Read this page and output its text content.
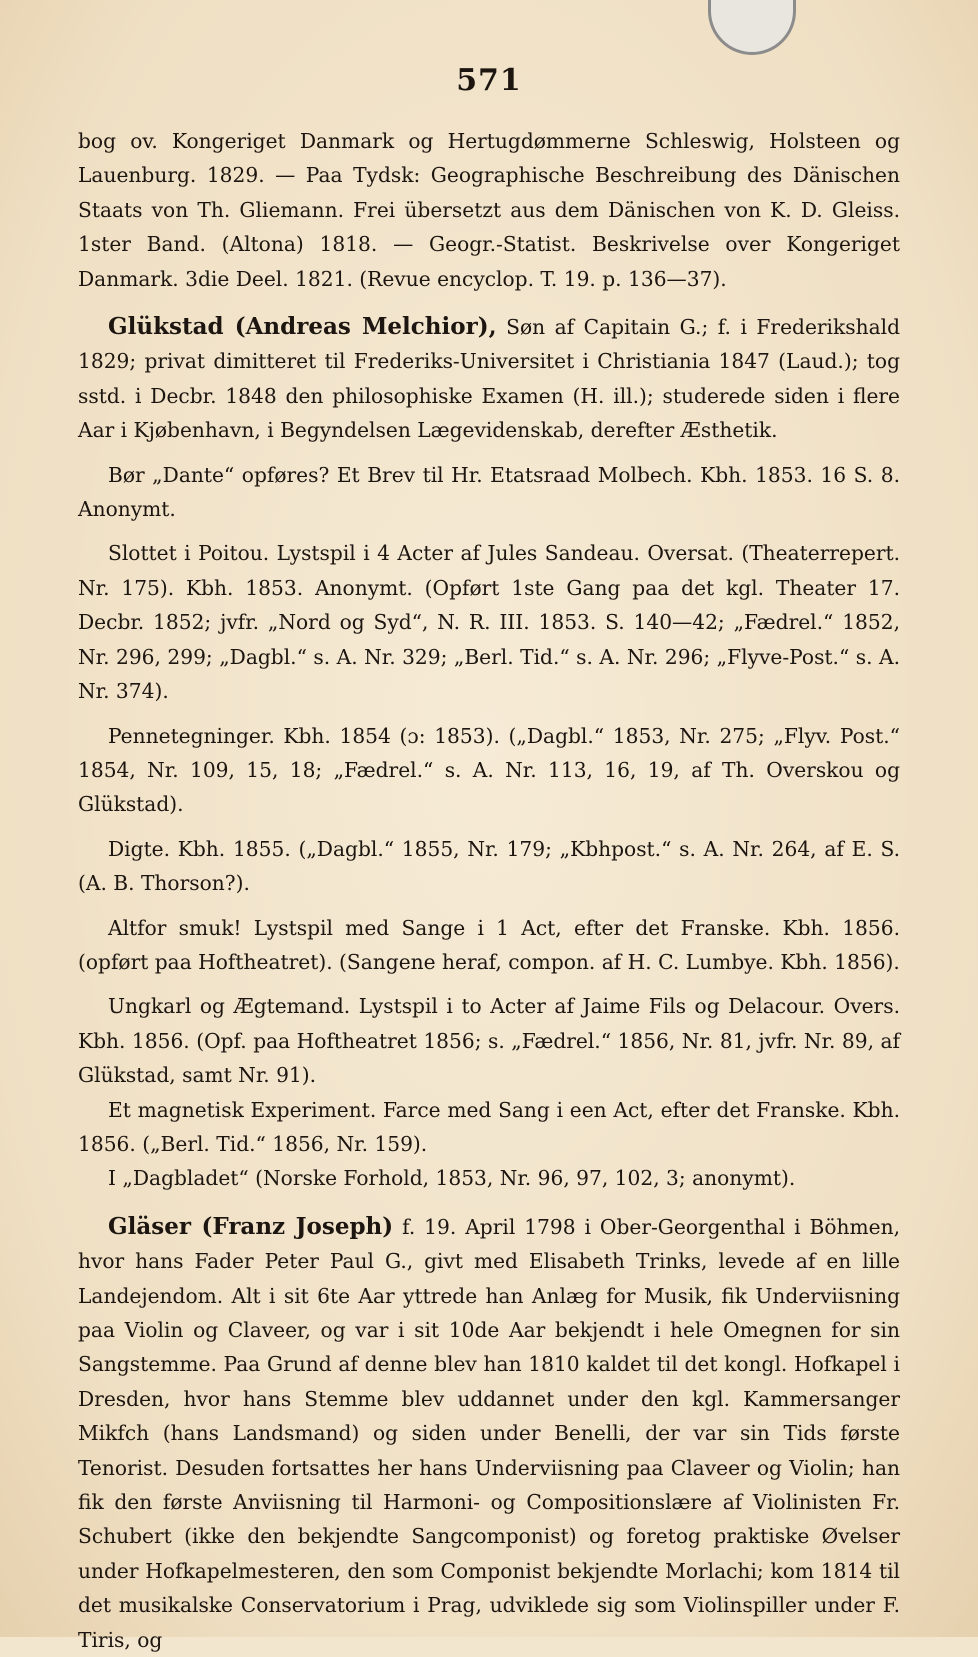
571

bog ov. Kongeriget Danmark og Hertugdømmerne Schleswig, Holsteen og Lauenburg. 1829. — Paa Tydsk: Geographische Beschreibung des Dänischen Staats von Th. Gliemann. Frei übersetzt aus dem Dänischen von K. D. Gleiss. 1ster Band. (Altona) 1818. — Geogr.-Statist. Beskrivelse over Kongeriget Danmark. 3die Deel. 1821. (Revue encyclop. T. 19. p. 136—37).

Glükstad (Andreas Melchior), Søn af Capitain G.; f. i Frederikshald 1829; privat dimitteret til Frederiks-Universitet i Christiania 1847 (Laud.); tog sstd. i Decbr. 1848 den philosophiske Examen (H. ill.); studerede siden i flere Aar i Kjøbenhavn, i Begyndelsen Lægevidenskab, derefter Æsthetik.

Bør „Dante“ opføres? Et Brev til Hr. Etatsraad Molbech. Kbh. 1853. 16 S. 8. Anonymt.

Slottet i Poitou. Lystspil i 4 Acter af Jules Sandeau. Oversat. (Theaterrepert. Nr. 175). Kbh. 1853. Anonymt. (Opført 1ste Gang paa det kgl. Theater 17. Decbr. 1852; jvfr. „Nord og Syd“, N. R. III. 1853. S. 140—42; „Fædrel.“ 1852, Nr. 296, 299; „Dagbl.“ s. A. Nr. 329; „Berl. Tid.“ s. A. Nr. 296; „Flyve-Post.“ s. A. Nr. 374).

Pennetegninger. Kbh. 1854 (ɔ: 1853). („Dagbl.“ 1853, Nr. 275; „Flyv. Post.“ 1854, Nr. 109, 15, 18; „Fædrel.“ s. A. Nr. 113, 16, 19, af Th. Overskou og Glükstad).

Digte. Kbh. 1855. („Dagbl.“ 1855, Nr. 179; „Kbhpost.“ s. A. Nr. 264, af E. S. (A. B. Thorson?).

Altfor smuk! Lystspil med Sange i 1 Act, efter det Franske. Kbh. 1856. (opført paa Hoftheatret). (Sangene heraf, compon. af H. C. Lumbye. Kbh. 1856).

Ungkarl og Ægtemand. Lystspil i to Acter af Jaime Fils og Delacour. Overs. Kbh. 1856. (Opf. paa Hoftheatret 1856; s. „Fædrel.“ 1856, Nr. 81, jvfr. Nr. 89, af Glükstad, samt Nr. 91).

Et magnetisk Experiment. Farce med Sang i een Act, efter det Franske. Kbh. 1856. („Berl. Tid.“ 1856, Nr. 159).

I „Dagbladet“ (Norske Forhold, 1853, Nr. 96, 97, 102, 3; anonymt).

Gläser (Franz Joseph) f. 19. April 1798 i Ober-Georgenthal i Böhmen, hvor hans Fader Peter Paul G., givt med Elisabeth Trinks, levede af en lille Landejendom. Alt i sit 6te Aar yttrede han Anlæg for Musik, fik Underviisning paa Violin og Claveer, og var i sit 10de Aar bekjendt i hele Omegnen for sin Sangstemme. Paa Grund af denne blev han 1810 kaldet til det kongl. Hofkapel i Dresden, hvor hans Stemme blev uddannet under den kgl. Kammersanger Mikfch (hans Landsmand) og siden under Benelli, der var sin Tids første Tenorist. Desuden fortsattes her hans Underviisning paa Claveer og Violin; han fik den første Anviisning til Harmoni- og Compositionslære af Violinisten Fr. Schubert (ikke den bekjendte Sangcomponist) og foretog praktiske Øvelser under Hofkapelmesteren, den som Componist bekjendte Morlachi; kom 1814 til det musikalske Conservatorium i Prag, udviklede sig som Violinspiller under F. Tiris, og
